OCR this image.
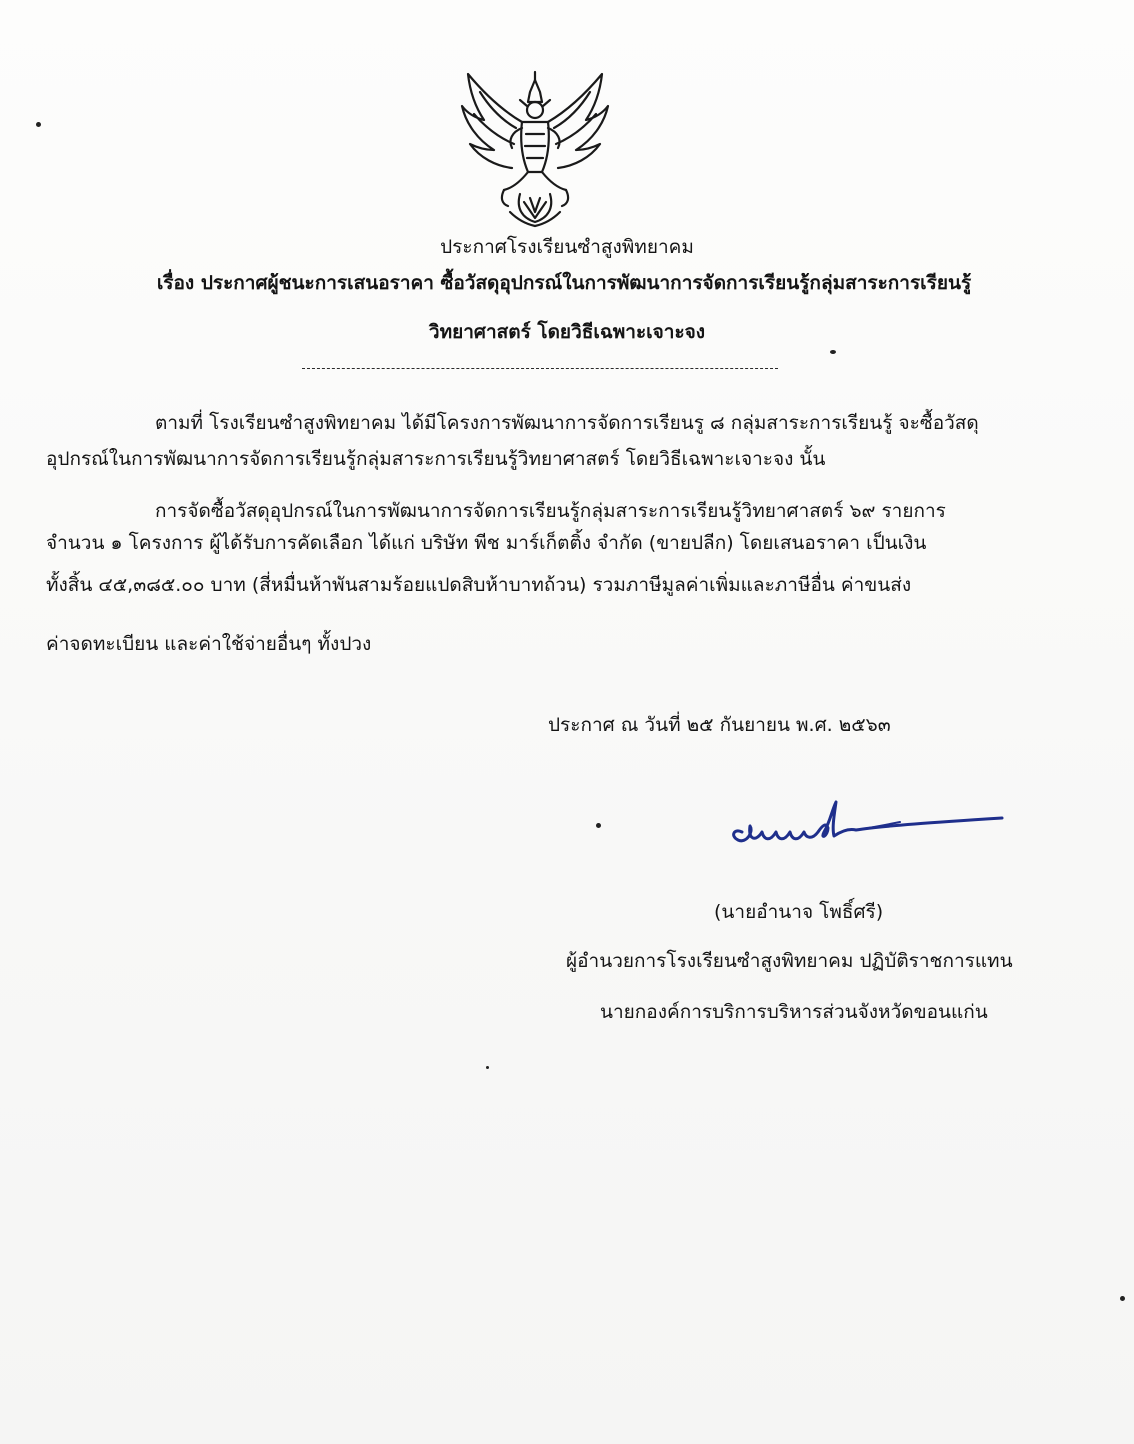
ประกาศโรงเรียนซำสูงพิทยาคม
เรื่อง ประกาศผู้ชนะการเสนอราคา ซื้อวัสดุอุปกรณ์ในการพัฒนาการจัดการเรียนรู้กลุ่มสาระการเรียนรู้
วิทยาศาสตร์ โดยวิธีเฉพาะเจาะจง
ตามที่ โรงเรียนซำสูงพิทยาคม ได้มีโครงการพัฒนาการจัดการเรียนรู ๘ กลุ่มสาระการเรียนรู้ จะซื้อวัสดุ
อุปกรณ์ในการพัฒนาการจัดการเรียนรู้กลุ่มสาระการเรียนรู้วิทยาศาสตร์ โดยวิธีเฉพาะเจาะจง นั้น
การจัดซื้อวัสดุอุปกรณ์ในการพัฒนาการจัดการเรียนรู้กลุ่มสาระการเรียนรู้วิทยาศาสตร์ ๖๙ รายการ
จำนวน ๑ โครงการ ผู้ได้รับการคัดเลือก ได้แก่ บริษัท พีช มาร์เก็ตติ้ง จำกัด (ขายปลีก) โดยเสนอราคา เป็นเงิน
ทั้งสิ้น ๔๕,๓๘๕.๐๐ บาท (สี่หมื่นห้าพันสามร้อยแปดสิบห้าบาทถ้วน) รวมภาษีมูลค่าเพิ่มและภาษีอื่น ค่าขนส่ง
ค่าจดทะเบียน และค่าใช้จ่ายอื่นๆ ทั้งปวง
ประกาศ ณ วันที่ ๒๕ กันยายน พ.ศ. ๒๕๖๓
(นายอำนาจ โพธิ์ศรี)
ผู้อำนวยการโรงเรียนซำสูงพิทยาคม ปฏิบัติราชการแทน
นายกองค์การบริการบริหารส่วนจังหวัดขอนแก่น
